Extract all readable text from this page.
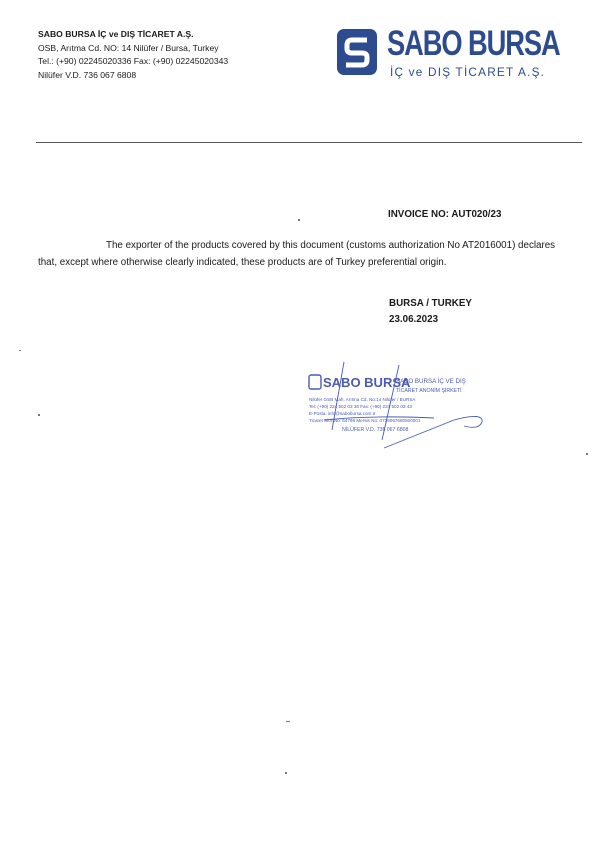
SABO BURSA İÇ ve DIŞ TİCARET A.Ş.
OSB, Arıtma Cd. NO: 14 Nilüfer / Bursa, Turkey
Tel.: (+90) 02245020336 Fax: (+90) 02245020343
Nilüfer V.D. 736 067 6808
SABO BURSA
İÇ ve DIŞ TİCARET A.Ş.
INVOICE NO: AUT020/23
The exporter of the products covered by this document (customs authorization No AT2016001) declares that, except where otherwise clearly indicated, these products are of Turkey preferential origin.
BURSA / TURKEY
23.06.2023
SABO BURSA
SABO BURSA İÇ VE DIŞ
TİCARET ANONİM ŞİRKETİ
Nilüfer OSB Mah. Arıtma Cd. No:14 Nilüfer / BURSA
Tel: (+90) 224 502 03 36 Fax: (+90) 224 502 03 43
E-Posta: info@sabobursa.com.tr
Ticaret Sicil No: 64798 Mersis No: 0736067680800001
NİLÜFER V.D. 736 067 6808
